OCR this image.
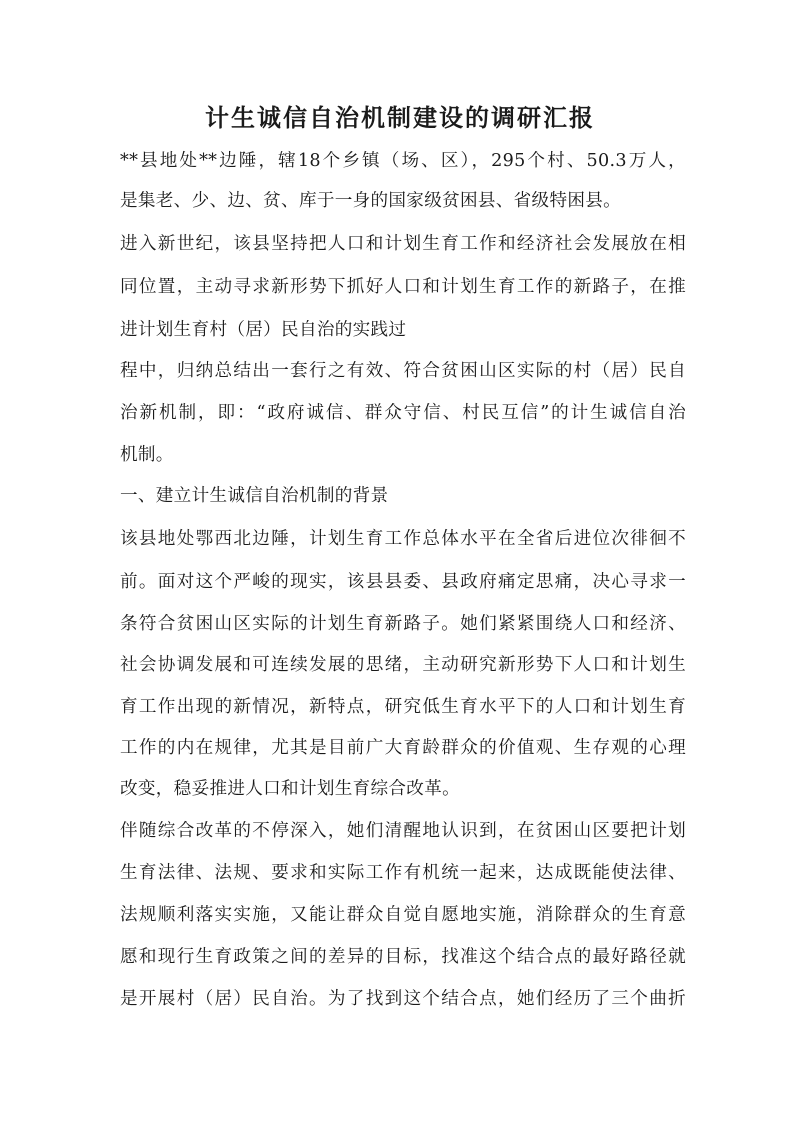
计生诚信自治机制建设的调研汇报
**县地处**边陲，辖18个乡镇（场、区），295个村、50.3万人，
是集老、少、边、贫、库于一身的国家级贫困县、省级特困县。
进入新世纪，该县坚持把人口和计划生育工作和经济社会发展放在相
同位置，主动寻求新形势下抓好人口和计划生育工作的新路子，在推
进计划生育村（居）民自治的实践过
程中，归纳总结出一套行之有效、符合贫困山区实际的村（居）民自
治新机制，即：“政府诚信、群众守信、村民互信”的计生诚信自治
机制。
一、建立计生诚信自治机制的背景
该县地处鄂西北边陲，计划生育工作总体水平在全省后进位次徘徊不
前。面对这个严峻的现实，该县县委、县政府痛定思痛，决心寻求一
条符合贫困山区实际的计划生育新路子。她们紧紧围绕人口和经济、
社会协调发展和可连续发展的思绪，主动研究新形势下人口和计划生
育工作出现的新情况，新特点，研究低生育水平下的人口和计划生育
工作的内在规律，尤其是目前广大育龄群众的价值观、生存观的心理
改变，稳妥推进人口和计划生育综合改革。
伴随综合改革的不停深入，她们清醒地认识到，在贫困山区要把计划
生育法律、法规、要求和实际工作有机统一起来，达成既能使法律、
法规顺利落实实施，又能让群众自觉自愿地实施，消除群众的生育意
愿和现行生育政策之间的差异的目标，找准这个结合点的最好路径就
是开展村（居）民自治。为了找到这个结合点，她们经历了三个曲折
